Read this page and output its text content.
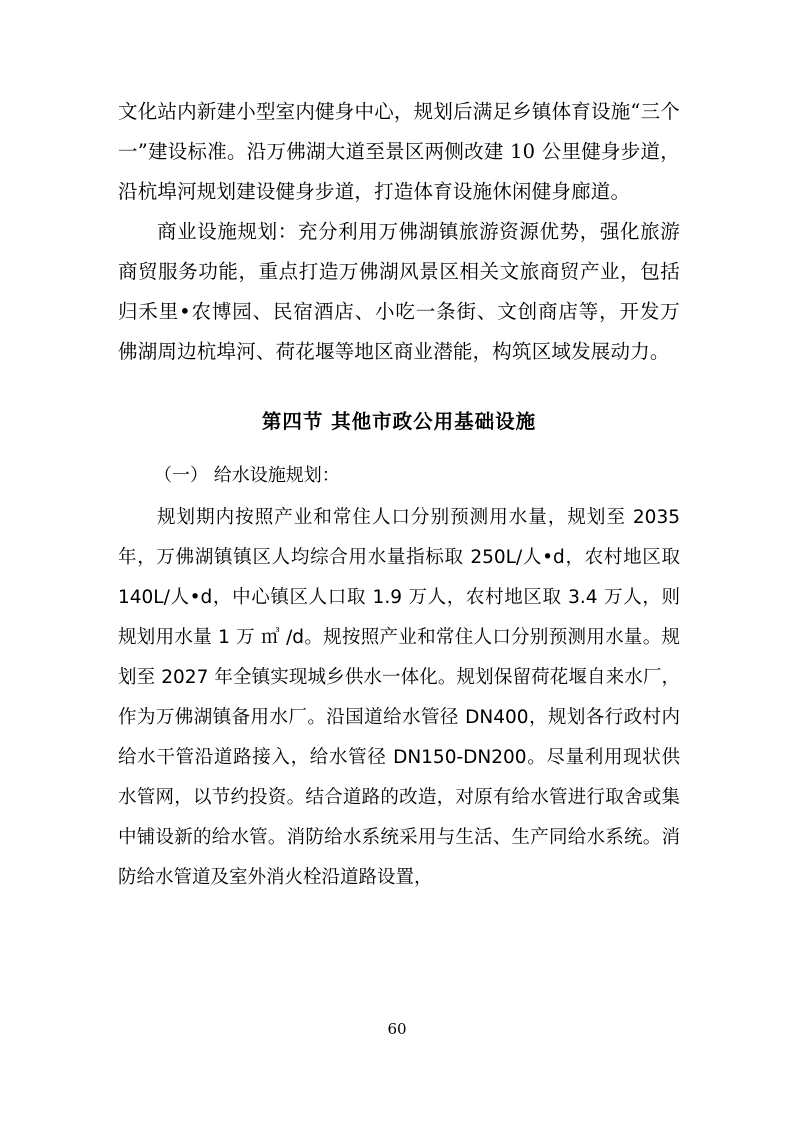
文化站内新建小型室内健身中心，规划后满足乡镇体育设施“三个一”建设标准。沿万佛湖大道至景区两侧改建 10 公里健身步道，沿杭埠河规划建设健身步道，打造体育设施休闲健身廊道。

商业设施规划：充分利用万佛湖镇旅游资源优势，强化旅游商贸服务功能，重点打造万佛湖风景区相关文旅商贸产业，包括归禾里•农博园、民宿酒店、小吃一条街、文创商店等，开发万佛湖周边杭埠河、荷花堰等地区商业潜能，构筑区域发展动力。

第四节 其他市政公用基础设施

（一） 给水设施规划：

规划期内按照产业和常住人口分别预测用水量，规划至 2035 年，万佛湖镇镇区人均综合用水量指标取 250L/人•d，农村地区取 140L/人•d，中心镇区人口取 1.9 万人，农村地区取 3.4 万人，则规划用水量 1 万 ㎥ /d。规按照产业和常住人口分别预测用水量。规划至 2027 年全镇实现城乡供水一体化。规划保留荷花堰自来水厂，作为万佛湖镇备用水厂。沿国道给水管径 DN400，规划各行政村内给水干管沿道路接入，给水管径 DN150-DN200。尽量利用现状供水管网，以节约投资。结合道路的改造，对原有给水管进行取舍或集中铺设新的给水管。消防给水系统采用与生活、生产同给水系统。消防给水管道及室外消火栓沿道路设置，

60
